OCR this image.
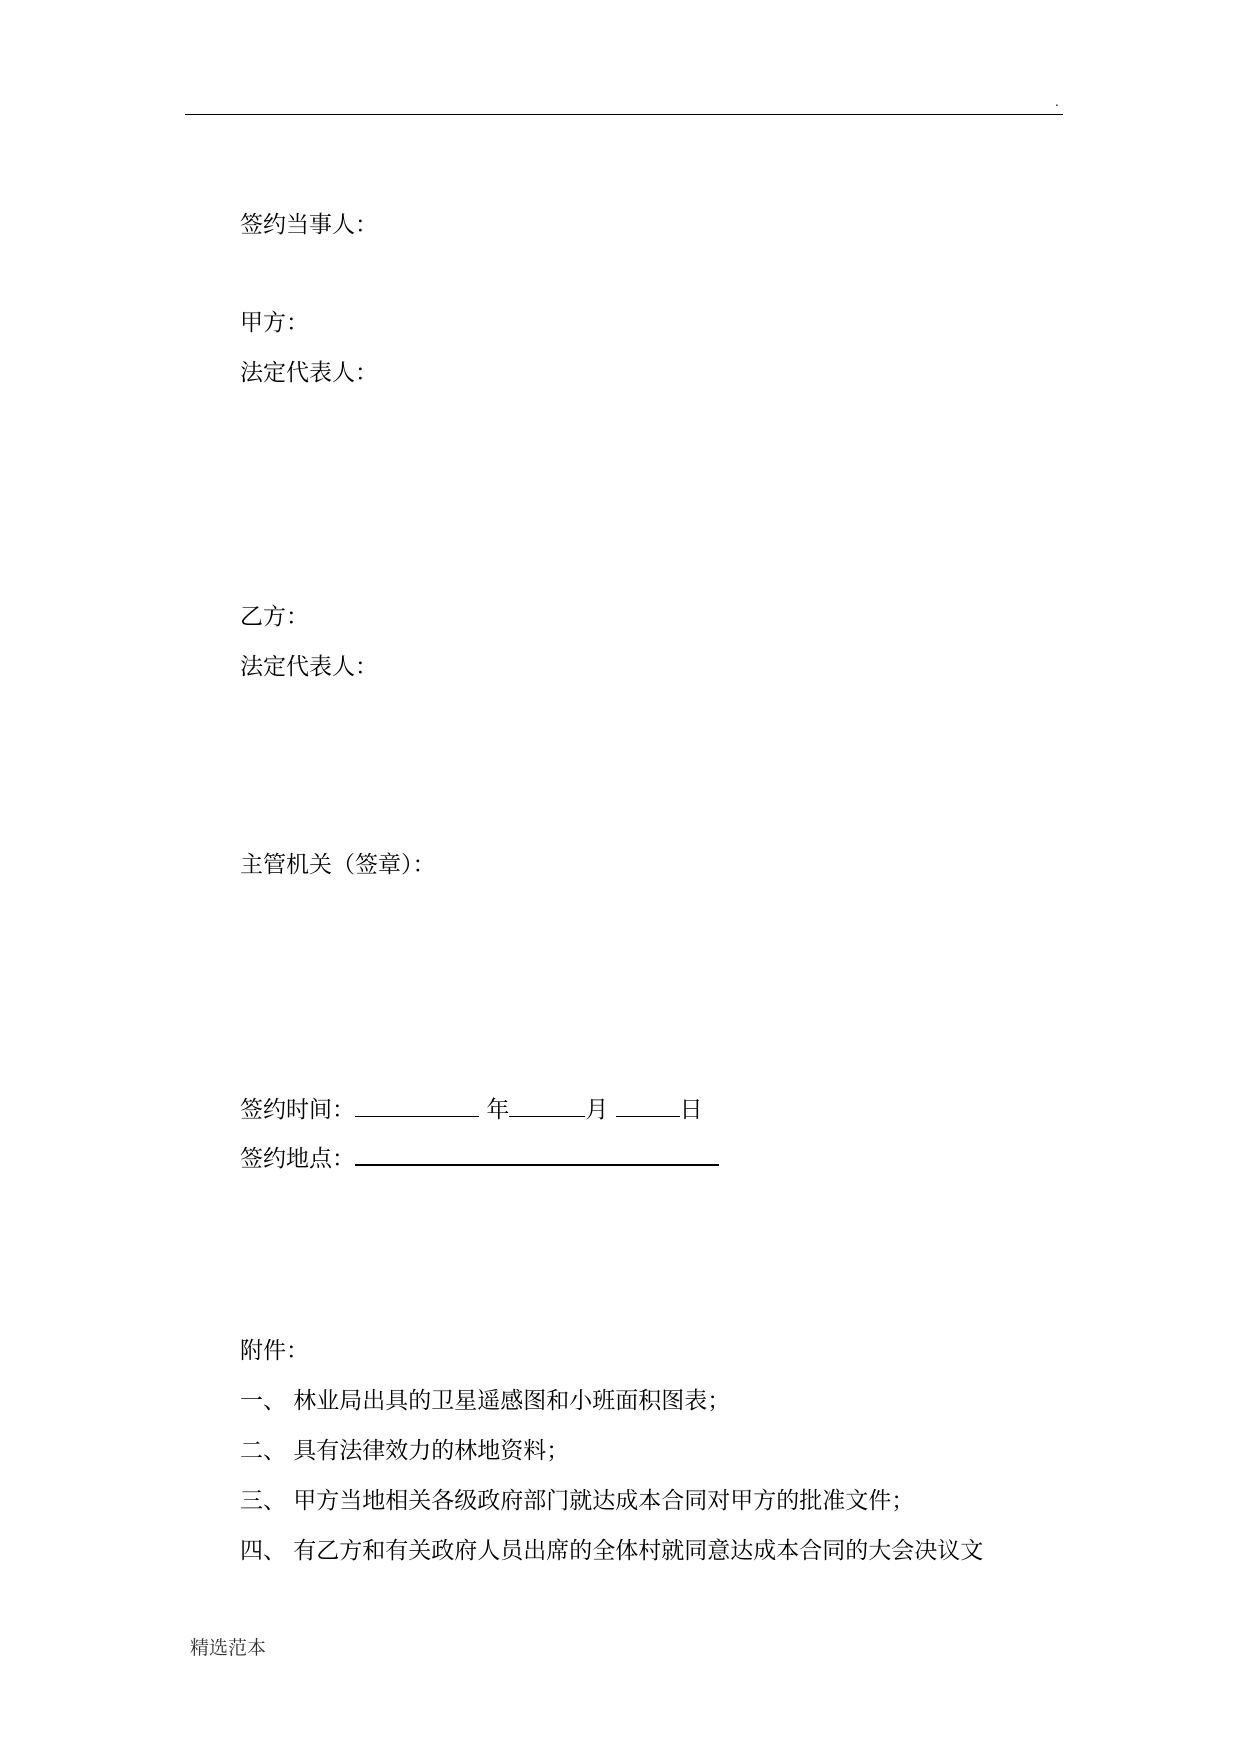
.
签约当事人：
甲方：
法定代表人：
乙方：
法定代表人：
主管机关（签章）：
签约时间：	年	月	日
签约地点：
附件：
一、 林业局出具的卫星遥感图和小班面积图表；
二、 具有法律效力的林地资料；
三、 甲方当地相关各级政府部门就达成本合同对甲方的批准文件；
四、 有乙方和有关政府人员出席的全体村就同意达成本合同的大会决议文
精选范本
